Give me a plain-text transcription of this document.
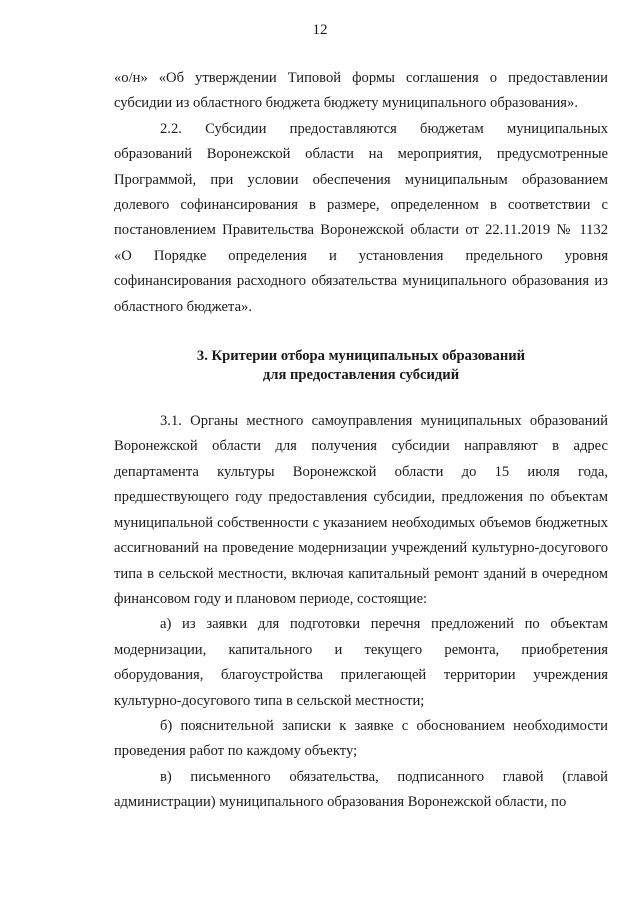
12

«о/н» «Об утверждении Типовой формы соглашения о предоставлении субсидии из областного бюджета бюджету муниципального образования».

2.2. Субсидии предоставляются бюджетам муниципальных образований Воронежской области на мероприятия, предусмотренные Программой, при условии обеспечения муниципальным образованием долевого софинансирования в размере, определенном в соответствии с постановлением Правительства Воронежской области от 22.11.2019 № 1132 «О Порядке определения и установления предельного уровня софинансирования расходного обязательства муниципального образования из областного бюджета».

3. Критерии отбора муниципальных образований
для предоставления субсидий

3.1. Органы местного самоуправления муниципальных образований Воронежской области для получения субсидии направляют в адрес департамента культуры Воронежской области до 15 июля года, предшествующего году предоставления субсидии, предложения по объектам муниципальной собственности с указанием необходимых объемов бюджетных ассигнований на проведение модернизации учреждений культурно-досугового типа в сельской местности, включая капитальный ремонт зданий в очередном финансовом году и плановом периоде, состоящие:

а) из заявки для подготовки перечня предложений по объектам модернизации, капитального и текущего ремонта, приобретения оборудования, благоустройства прилегающей территории учреждения культурно-досугового типа в сельской местности;

б) пояснительной записки к заявке с обоснованием необходимости проведения работ по каждому объекту;

в) письменного обязательства, подписанного главой (главой администрации) муниципального образования Воронежской области, по
